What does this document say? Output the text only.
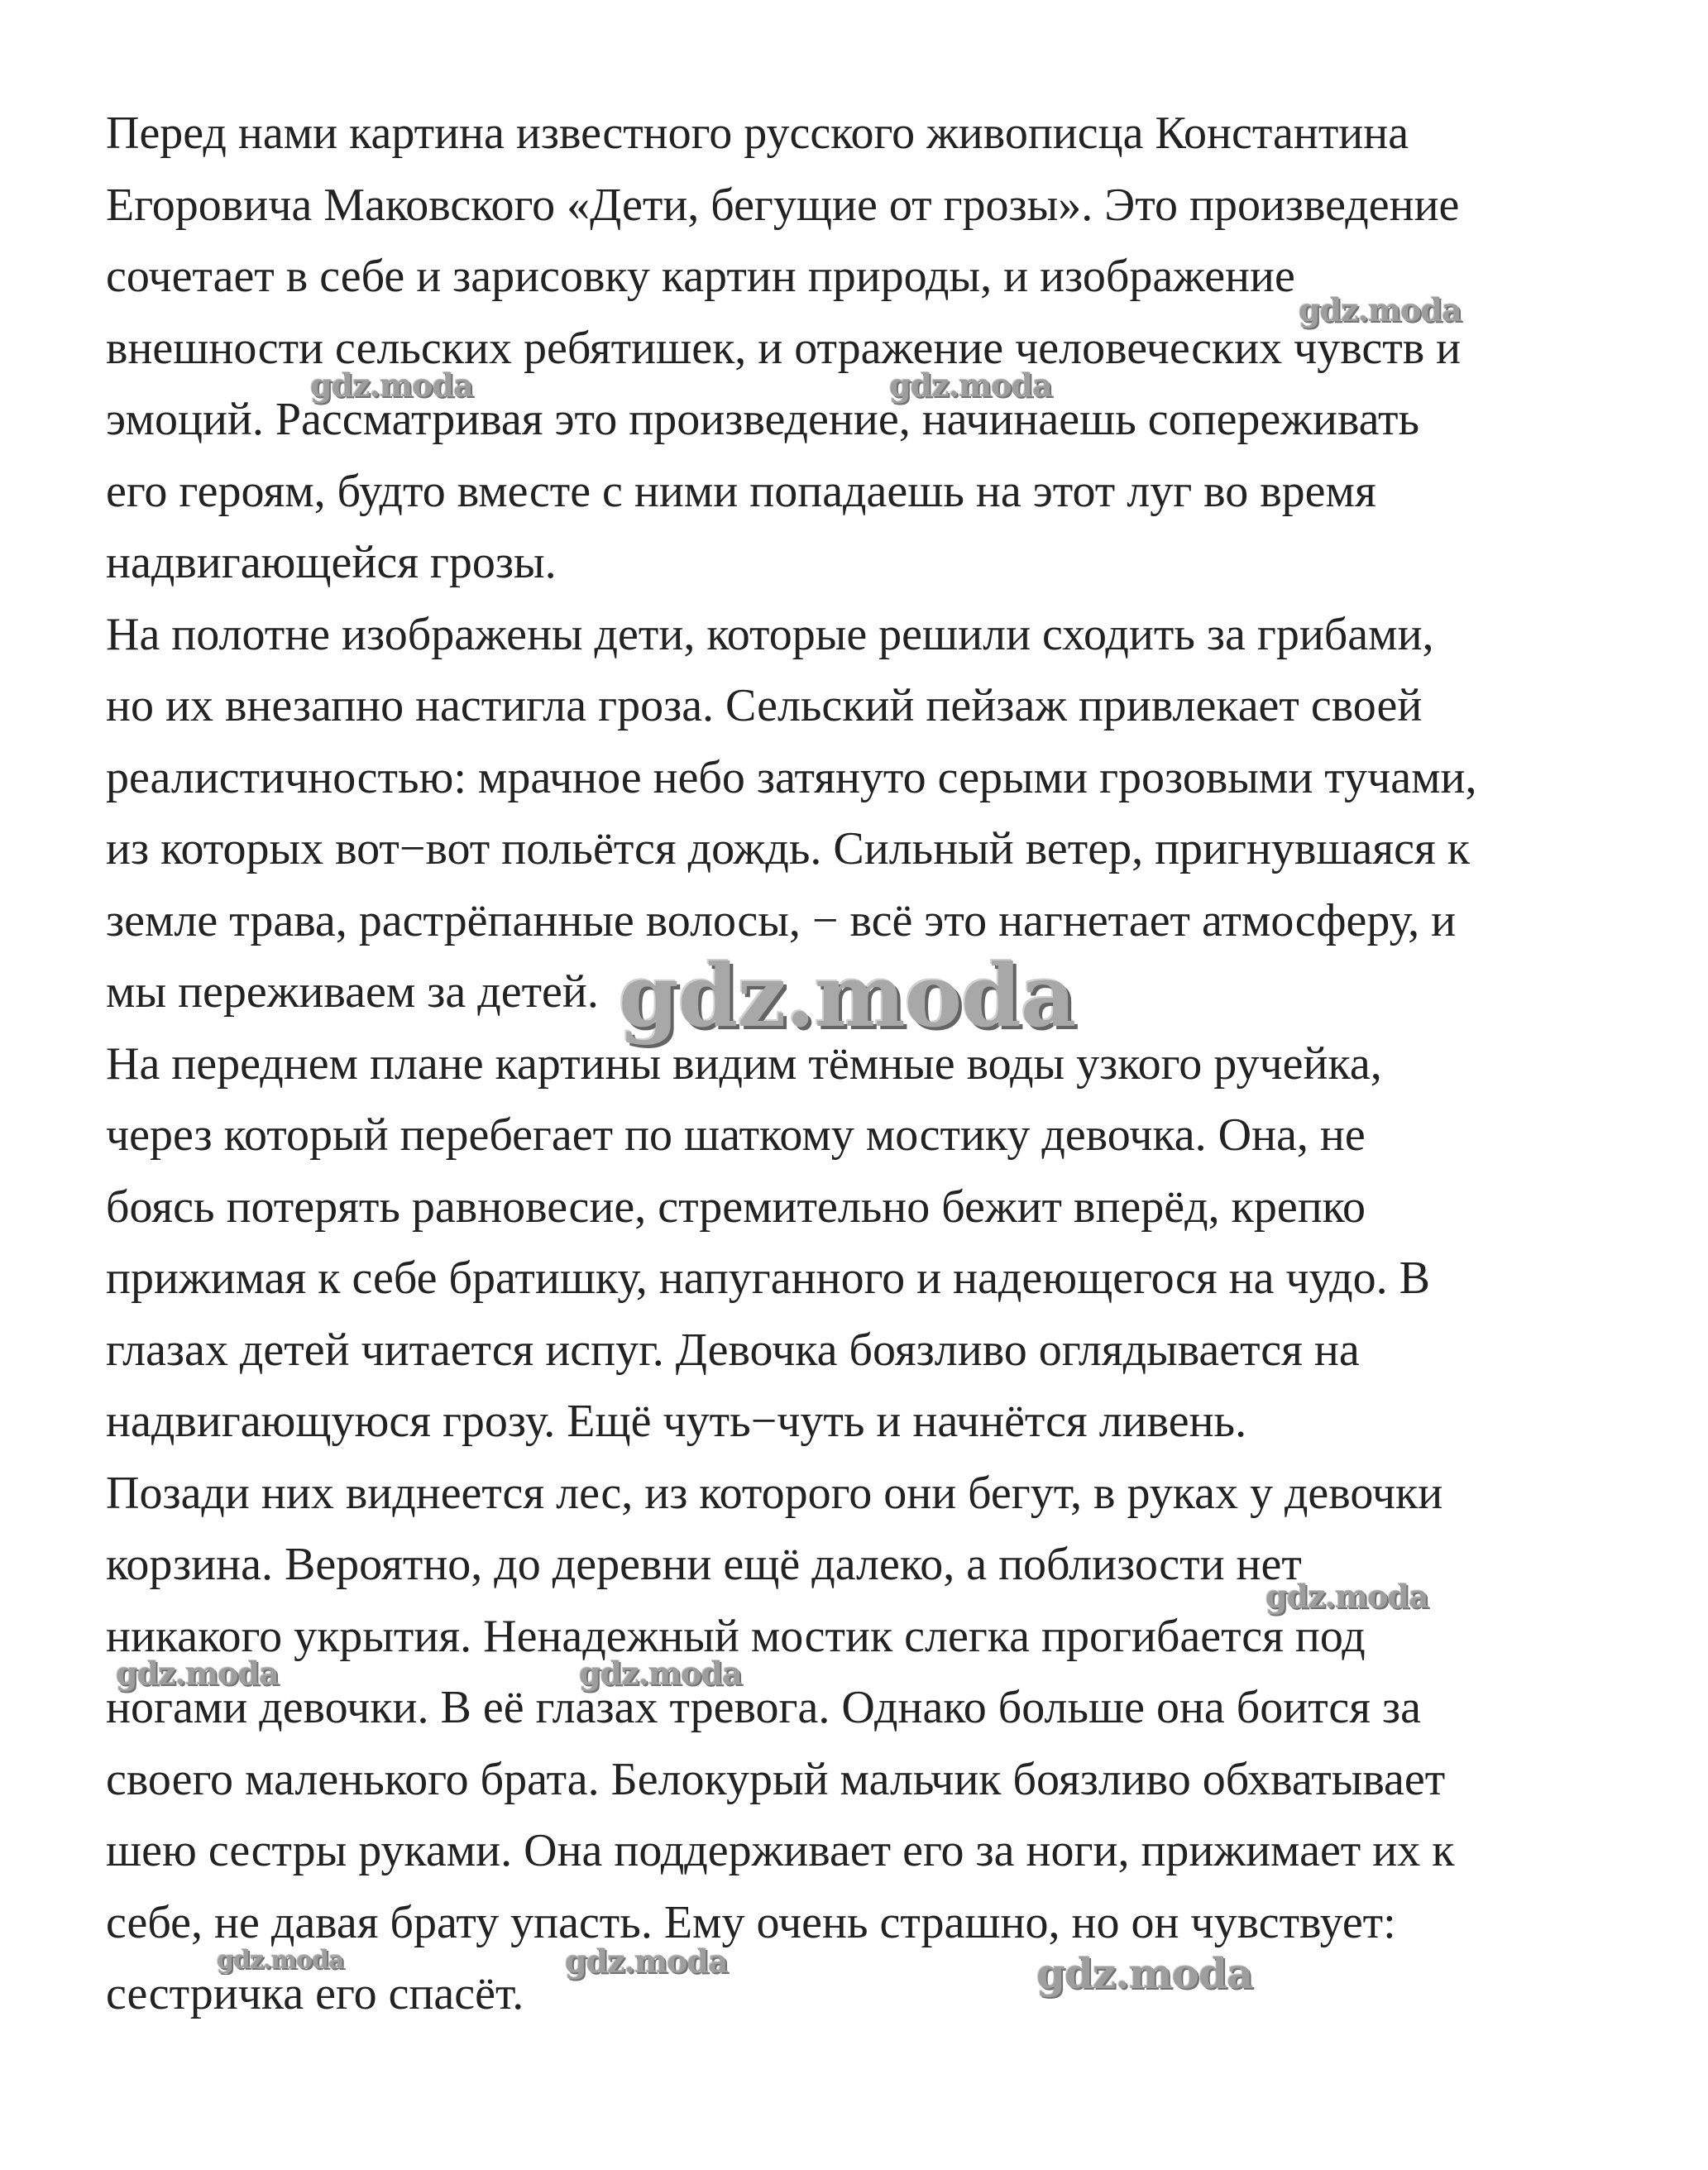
Перед нами картина известного русского живописца Константина
Егоровича Маковского «Дети, бегущие от грозы». Это произведение
сочетает в себе и зарисовку картин природы, и изображение
внешности сельских ребятишек, и отражение человеческих чувств и
эмоций. Рассматривая это произведение, начинаешь сопереживать
его героям, будто вместе с ними попадаешь на этот луг во время
надвигающейся грозы.
На полотне изображены дети, которые решили сходить за грибами,
но их внезапно настигла гроза. Сельский пейзаж привлекает своей
реалистичностью: мрачное небо затянуто серыми грозовыми тучами,
из которых вот−вот польётся дождь. Сильный ветер, пригнувшаяся к
земле трава, растрёпанные волосы, − всё это нагнетает атмосферу, и
мы переживаем за детей.
На переднем плане картины видим тёмные воды узкого ручейка,
через который перебегает по шаткому мостику девочка. Она, не
боясь потерять равновесие, стремительно бежит вперёд, крепко
прижимая к себе братишку, напуганного и надеющегося на чудо. В
глазах детей читается испуг. Девочка боязливо оглядывается на
надвигающуюся грозу. Ещё чуть−чуть и начнётся ливень.
Позади них виднеется лес, из которого они бегут, в руках у девочки
корзина. Вероятно, до деревни ещё далеко, а поблизости нет
никакого укрытия. Ненадежный мостик слегка прогибается под
ногами девочки. В её глазах тревога. Однако больше она боится за
своего маленького брата. Белокурый мальчик боязливо обхватывает
шею сестры руками. Она поддерживает его за ноги, прижимает их к
себе, не давая брату упасть. Ему очень страшно, но он чувствует:
сестричка его спасёт.
gdz.moda
gdz.moda	gdz.moda
gdz.moda
gdz.moda
gdz.moda	gdz.moda
gdz.moda	gdz.moda	gdz.moda
